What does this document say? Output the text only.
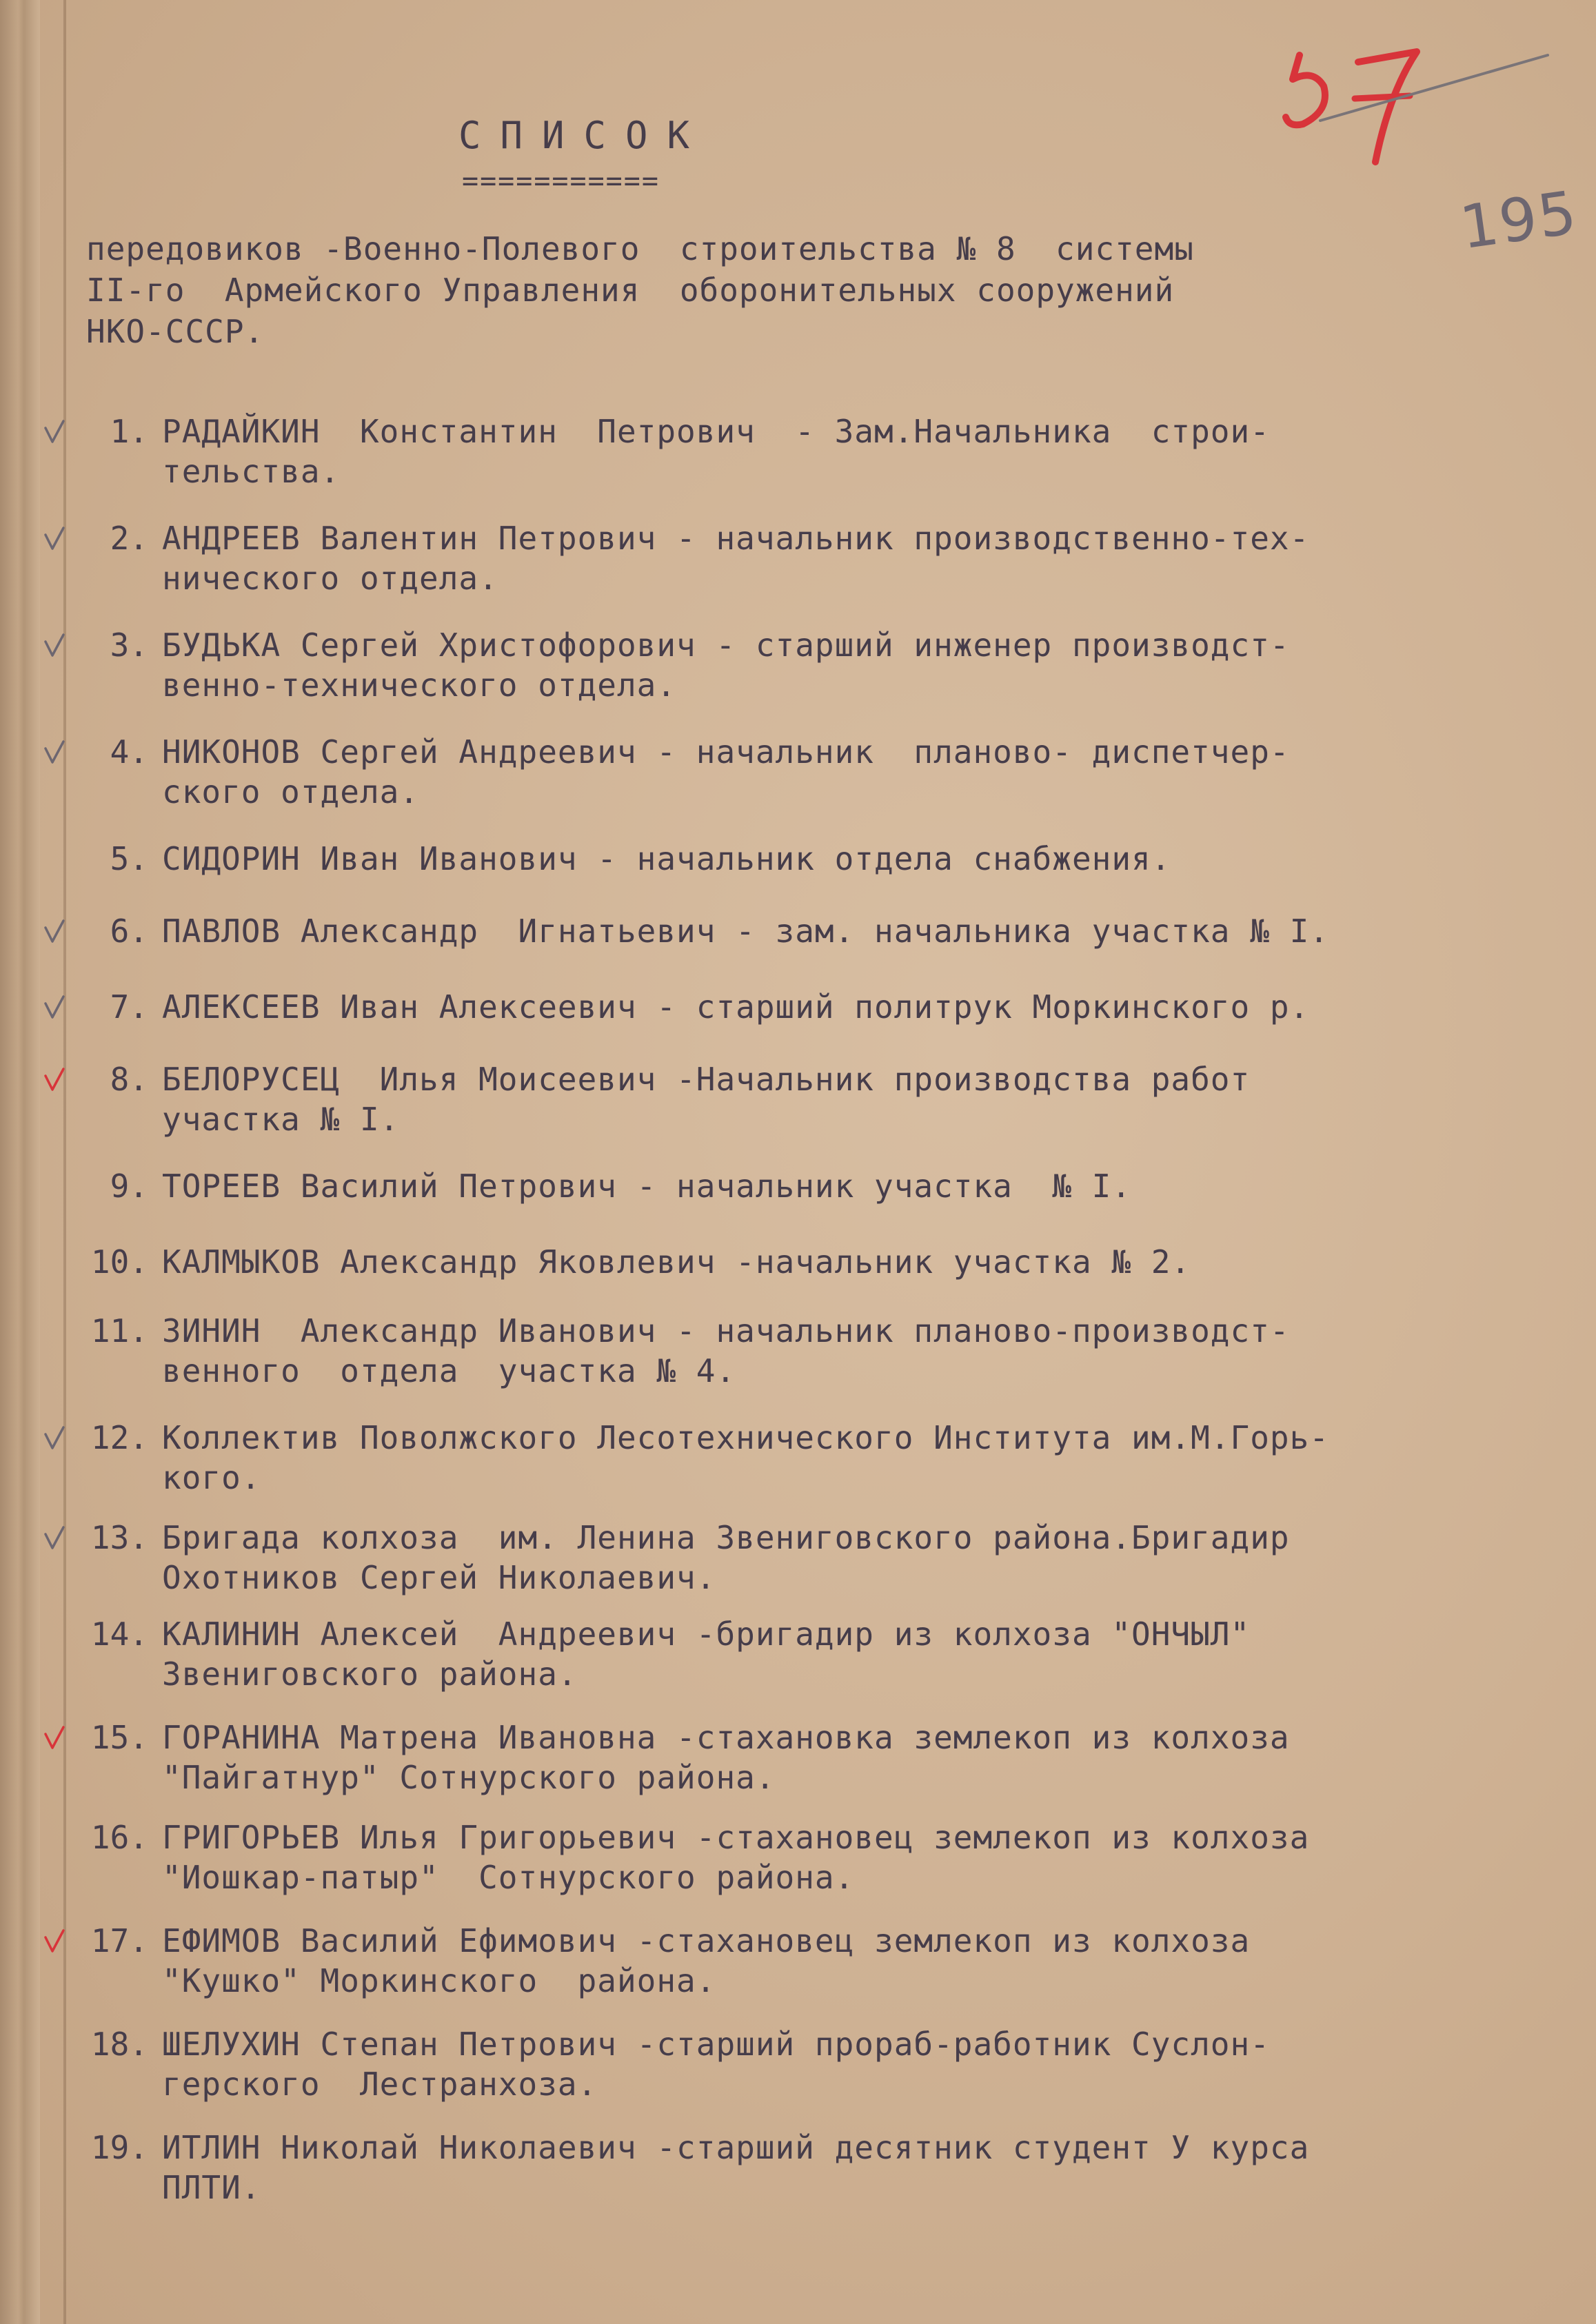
195
СПИСОК
===========
передовиков -Военно-Полевого  строительства № 8  системы
II-го  Армейского Управления  оборонительных сооружений
НКО-СССР.
1. РАДАЙКИН  Константин  Петрович  - Зам.Начальника  строи-
тельства.
2. АНДРЕЕВ Валентин Петрович - начальник производственно-тех-
нического отдела.
3. БУДЬКА Сергей Христофорович - старший инженер производст-
венно-технического отдела.
4. НИКОНОВ Сергей Андреевич - начальник  планово- диспетчер-
ского отдела.
5. СИДОРИН Иван Иванович - начальник отдела снабжения.
6. ПАВЛОВ Александр  Игнатьевич - зам. начальника участка № I.
7. АЛЕКСЕЕВ Иван Алексеевич - старший политрук Моркинского р.
8. БЕЛОРУСЕЦ  Илья Моисеевич -Начальник производства работ
участка № I.
9. ТОРЕЕВ Василий Петрович - начальник участка  № I.
10. КАЛМЫКОВ Александр Яковлевич -начальник участка № 2.
11. ЗИНИН  Александр Иванович - начальник планово-производст-
венного  отдела  участка № 4.
12. Коллектив Поволжского Лесотехнического Института им.М.Горь-
кого.
13. Бригада колхоза  им. Ленина Звениговского района.Бригадир
Охотников Сергей Николаевич.
14. КАЛИНИН Алексей  Андреевич -бригадир из колхоза "ОНЧЫЛ"
Звениговского района.
15. ГОРАНИНА Матрена Ивановна -стахановка землекоп из колхоза
"Пайгатнур" Сотнурского района.
16. ГРИГОРЬЕВ Илья Григорьевич -стахановец землекоп из колхоза
"Иошкар-патыр"  Сотнурского района.
17. ЕФИМОВ Василий Ефимович -стахановец землекоп из колхоза
"Кушко" Моркинского  района.
18. ШЕЛУХИН Степан Петрович -старший прораб-работник Суслон-
герского  Лестранхоза.
19. ИТЛИН Николай Николаевич -старший десятник студент У курса
ПЛТИ.
